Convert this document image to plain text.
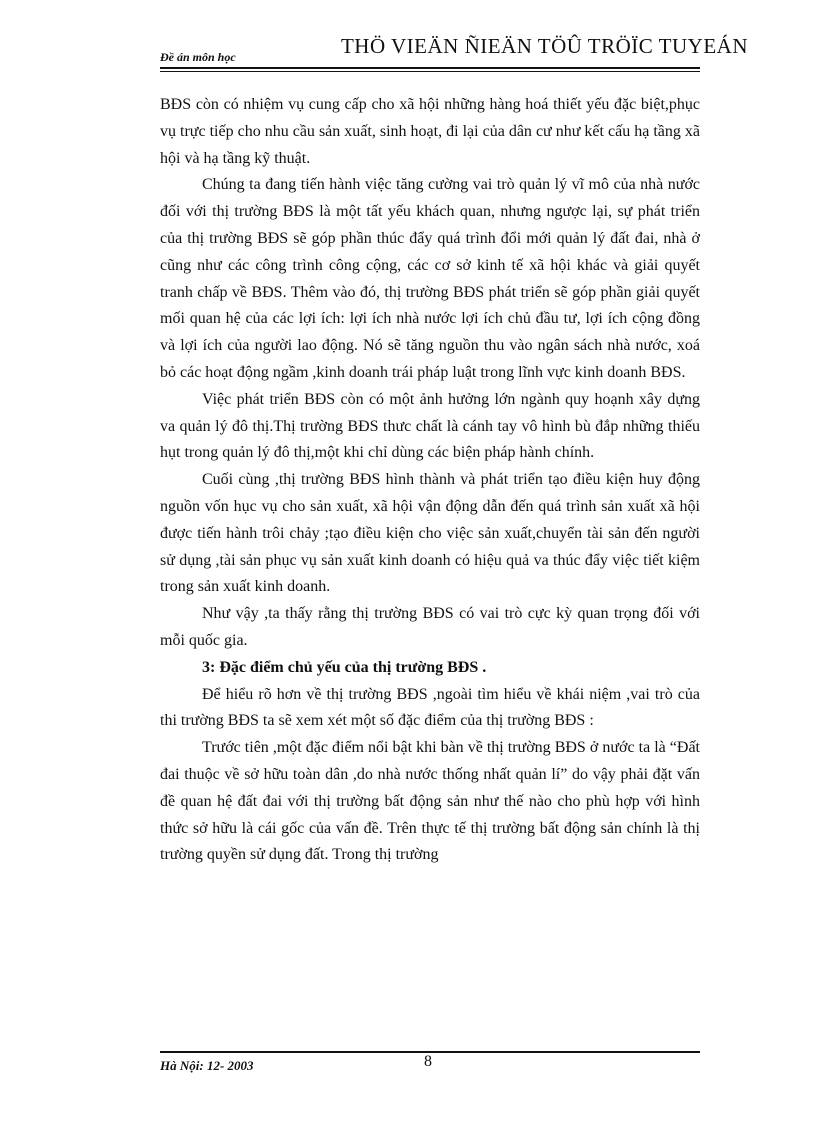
Đề án môn học	THÖ VIEÄN ÑIEÄN TÖÛ TRÖÏC TUYEÁN

BĐS còn có nhiệm vụ cung cấp cho xã hội những hàng hoá thiết yếu đặc biệt,phục vụ trực tiếp cho nhu cầu sản xuất, sinh hoạt, đi lại của dân cư như kết cấu hạ tầng xã hội và hạ tầng kỹ thuật.

Chúng ta đang tiến hành việc tăng cường vai trò quản lý vĩ mô của nhà nước đối với thị trường BĐS là một tất yếu khách quan, nhưng ngược lại, sự phát triển của thị trường BĐS sẽ góp phần thúc đẩy quá trình đổi mới quản lý đất đai, nhà ở cũng như các công trình công cộng, các cơ sở kinh tế xã hội khác và giải quyết tranh chấp về BĐS. Thêm vào đó, thị trường BĐS phát triển sẽ góp phần giải quyết mối quan hệ của các lợi ích: lợi ích nhà nước lợi ích chủ đầu tư, lợi ích cộng đồng và lợi ích của người lao động. Nó sẽ tăng nguồn thu vào ngân sách nhà nước, xoá bỏ các hoạt động ngầm ,kinh doanh trái pháp luật trong lĩnh vực kinh doanh BĐS.

Việc phát triển BĐS còn có một ảnh hưởng lớn ngành quy hoạnh xây dựng va quản lý đô thị.Thị trường BĐS thưc chất là cánh tay vô hình bù đắp những thiếu hụt trong quản lý đô thị,một khi chỉ dùng các biện pháp hành chính.

Cuối cùng ,thị trường BĐS hình thành và phát triển tạo điều kiện huy động nguồn vốn hục vụ cho sản xuất, xã hội vận động dẫn đến quá trình sản xuất xã hội được tiến hành trôi chảy ;tạo điều kiện cho việc sản xuất,chuyển tài sản đến người sử dụng ,tài sản phục vụ sản xuất kinh doanh có hiệu quả va thúc đẩy việc tiết kiệm trong sản xuất kinh doanh.

Như vậy ,ta thấy rằng thị trường BĐS có vai trò cực kỳ quan trọng đối với mỗi quốc gia.

3: Đặc điểm chủ yếu của thị trường BĐS .

Để hiểu rõ hơn về thị trường BĐS ,ngoài tìm hiểu về khái niệm ,vai trò của thi trường BĐS ta sẽ xem xét một số đặc điểm của thị trường BĐS :

Trước tiên ,một đặc điểm nổi bật khi bàn về thị trường BĐS ở nước ta là “Đất đai thuộc về sở hữu toàn dân ,do nhà nước thống nhất quản lí” do vậy phải đặt vấn đề quan hệ đất đai với thị trường bất động sản như thế nào cho phù hợp với hình thức sở hữu là cái gốc của vấn đề. Trên thực tế thị trường bất động sản chính là thị trường quyền sử dụng đất. Trong thị trường

Hà Nội: 12- 2003	8
